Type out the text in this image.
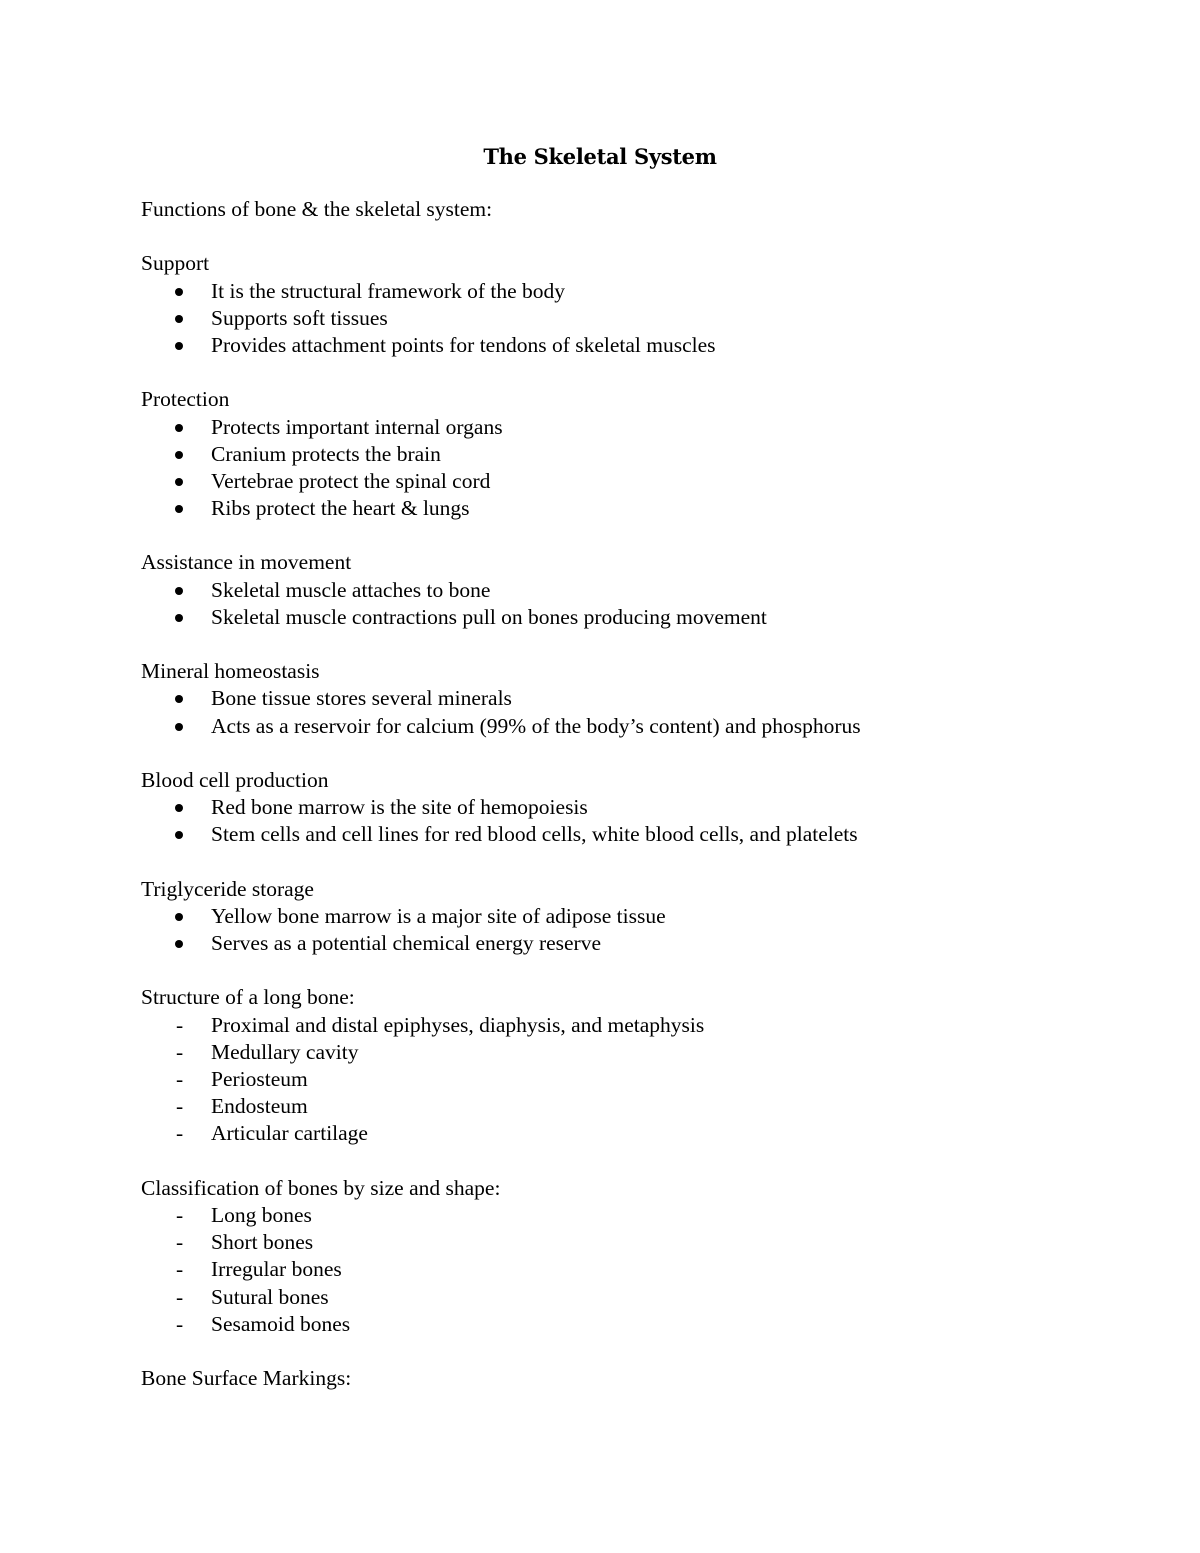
The Skeletal System
Functions of bone & the skeletal system:
Support
It is the structural framework of the body
Supports soft tissues
Provides attachment points for tendons of skeletal muscles
Protection
Protects important internal organs
Cranium protects the brain
Vertebrae protect the spinal cord
Ribs protect the heart & lungs
Assistance in movement
Skeletal muscle attaches to bone
Skeletal muscle contractions pull on bones producing movement
Mineral homeostasis
Bone tissue stores several minerals
Acts as a reservoir for calcium (99% of the body’s content) and phosphorus
Blood cell production
Red bone marrow is the site of hemopoiesis
Stem cells and cell lines for red blood cells, white blood cells, and platelets
Triglyceride storage
Yellow bone marrow is a major site of adipose tissue
Serves as a potential chemical energy reserve
Structure of a long bone:
- Proximal and distal epiphyses, diaphysis, and metaphysis
- Medullary cavity
- Periosteum
- Endosteum
- Articular cartilage
Classification of bones by size and shape:
- Long bones
- Short bones
- Irregular bones
- Sutural bones
- Sesamoid bones
Bone Surface Markings:
